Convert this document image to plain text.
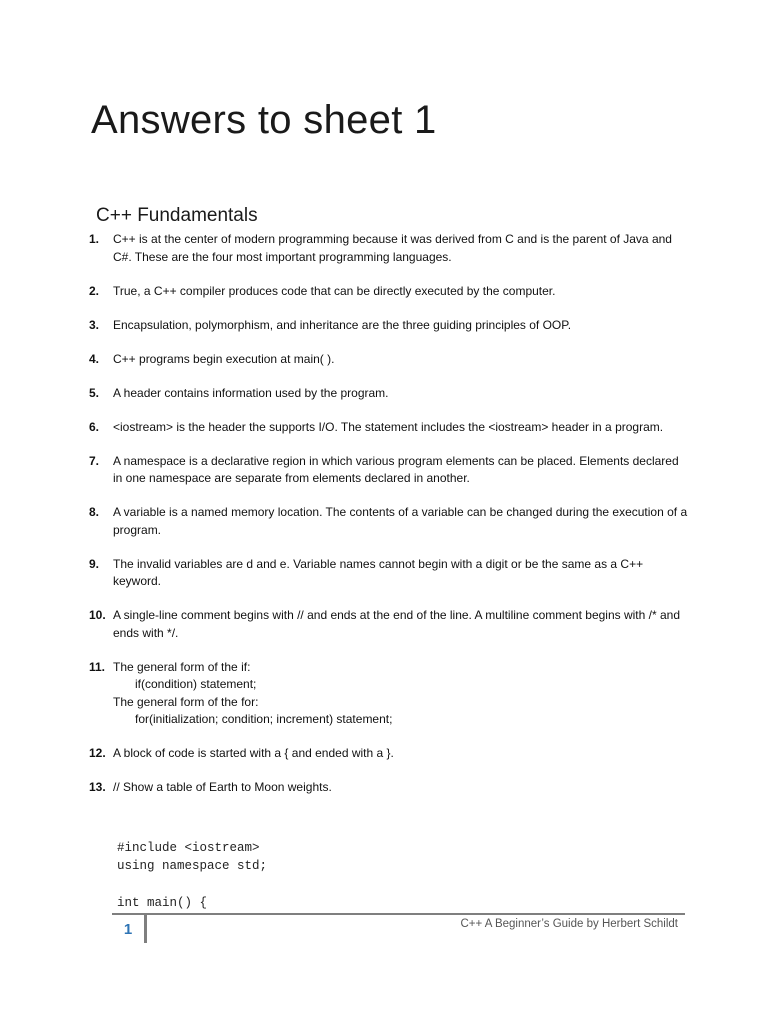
Answers to sheet 1
C++ Fundamentals
1.	C++ is at the center of modern programming because it was derived from C and is the parent of Java and C#. These are the four most important programming languages.
2.	True, a C++ compiler produces code that can be directly executed by the computer.
3.	Encapsulation, polymorphism, and inheritance are the three guiding principles of OOP.
4.	C++ programs begin execution at main( ).
5.	A header contains information used by the program.
6.	<iostream> is the header the supports I/O. The statement includes the <iostream> header in a program.
7.	A namespace is a declarative region in which various program elements can be placed. Elements declared in one namespace are separate from elements declared in another.
8.	A variable is a named memory location. The contents of a variable can be changed during the execution of a program.
9.	The invalid variables are d and e. Variable names cannot begin with a digit or be the same as a C++ keyword.
10. A single-line comment begins with // and ends at the end of the line. A multiline comment begins with /* and ends with */.
11. The general form of the if:
if(condition) statement;
The general form of the for:
for(initialization; condition; increment) statement;
12. A block of code is started with a { and ended with a }.
13. // Show a table of Earth to Moon weights.
#include <iostream>
using namespace std;

int main() {
1	C++ A Beginner’s Guide by Herbert Schildt
